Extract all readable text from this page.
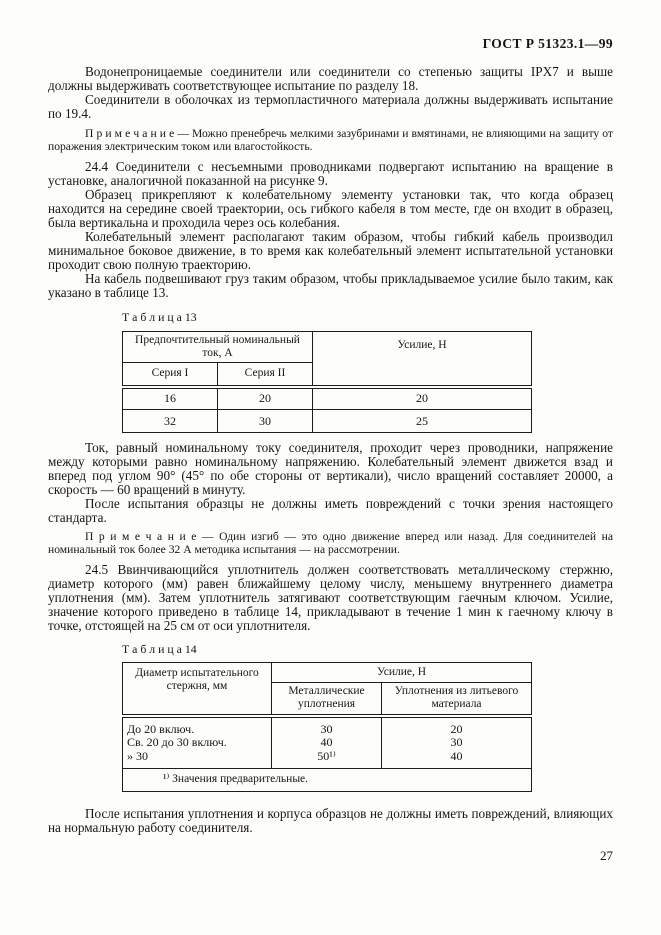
ГОСТ Р 51323.1—99

Водонепроницаемые соединители или соединители со степенью защиты IPX7 и выше должны выдерживать соответствующее испытание по разделу 18.

Соединители в оболочках из термопластичного материала должны выдерживать испытание по 19.4.

П р и м е ч а н и е — Можно пренебречь мелкими зазубринами и вмятинами, не влияющими на защиту от поражения электрическим током или влагостойкость.

24.4 Соединители с несъемными проводниками подвергают испытанию на вращение в установке, аналогичной показанной на рисунке 9.

Образец прикрепляют к колебательному элементу установки так, что когда образец находится на середине своей траектории, ось гибкого кабеля в том месте, где он входит в образец, была вертикальна и проходила через ось колебания.

Колебательный элемент располагают таким образом, чтобы гибкий кабель производил минимальное боковое движение, в то время как колебательный элемент испытательной установки проходит свою полную траекторию.

На кабель подвешивают груз таким образом, чтобы прикладываемое усилие было таким, как указано в таблице 13.

Т а б л и ц а 13
Предпочтительный номинальный ток, А		Усилие, Н
Серия I	Серия II	
16	20	20
32	30	25

Ток, равный номинальному току соединителя, проходит через проводники, напряжение между которыми равно номинальному напряжению. Колебательный элемент движется взад и вперед под углом 90° (45° по обе стороны от вертикали), число вращений составляет 20000, а скорость — 60 вращений в минуту.

После испытания образцы не должны иметь повреждений с точки зрения настоящего стандарта.

П р и м е ч а н и е — Один изгиб — это одно движение вперед или назад. Для соединителей на номинальный ток более 32 А методика испытания — на рассмотрении.

24.5 Ввинчивающийся уплотнитель должен соответствовать металлическому стержню, диаметр которого (мм) равен ближайшему целому числу, меньшему внутреннего диаметра уплотнения (мм). Затем уплотнитель затягивают соответствующим гаечным ключом. Усилие, значение которого приведено в таблице 14, прикладывают в течение 1 мин к гаечному ключу в точке, отстоящей на 25 см от оси уплотнителя.

Т а б л и ц а 14
Диаметр испытательного стержня, мм	Усилие, Н	
	Металлические уплотнения	Уплотнения из литьевого материала
До 20 включ.	30	20
Св. 20 до 30 включ.	40	30
» 30	50¹⁾	40
¹⁾ Значения предварительные.		

После испытания уплотнения и корпуса образцов не должны иметь повреждений, влияющих на нормальную работу соединителя.

27
